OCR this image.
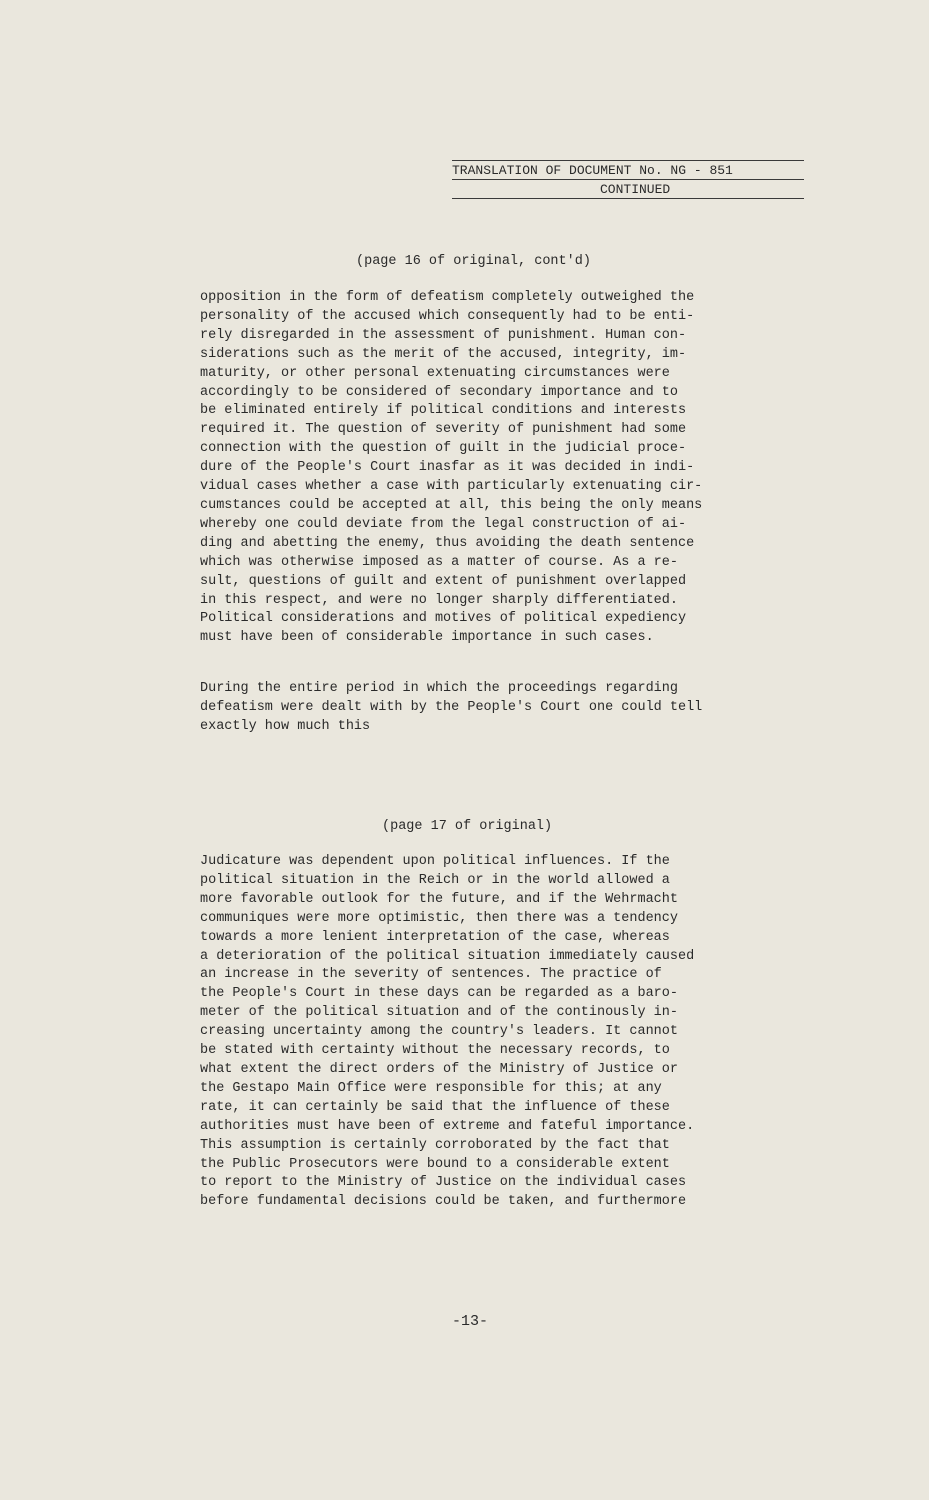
TRANSLATION OF DOCUMENT No. NG - 851
CONTINUED
(page 16 of original, cont'd)
opposition in the form of defeatism completely outweighed the
personality of the accused which consequently had to be enti-
rely disregarded in the assessment of punishment. Human con-
siderations such as the merit of the accused, integrity, im-
maturity, or other personal extenuating circumstances were
accordingly to be considered of secondary importance and to
be eliminated entirely if political conditions and interests
required it. The question of severity of punishment had some
connection with the question of guilt in the judicial proce-
dure of the People's Court inasfar as it was decided in indi-
vidual cases whether a case with particularly extenuating cir-
cumstances could be accepted at all, this being the only means
whereby one could deviate from the legal construction of ai-
ding and abetting the enemy, thus avoiding the death sentence
which was otherwise imposed as a matter of course. As a re-
sult, questions of guilt and extent of punishment overlapped
in this respect, and were no longer sharply differentiated.
Political considerations and motives of political expediency
must have been of considerable importance in such cases.
During the entire period in which the proceedings regarding
defeatism were dealt with by the People's Court one could tell
exactly how much this
(page 17 of original)
Judicature was dependent upon political influences. If the
political situation in the Reich or in the world allowed a
more favorable outlook for the future, and if the Wehrmacht
communiques were more optimistic, then there was a tendency
towards a more lenient interpretation of the case, whereas
a deterioration of the political situation immediately caused
an increase in the severity of sentences. The practice of
the People's Court in these days can be regarded as a baro-
meter of the political situation and of the continously in-
creasing uncertainty among the country's leaders. It cannot
be stated with certainty without the necessary records, to
what extent the direct orders of the Ministry of Justice or
the Gestapo Main Office were responsible for this; at any
rate, it can certainly be said that the influence of these
authorities must have been of extreme and fateful importance.
This assumption is certainly corroborated by the fact that
the Public Prosecutors were bound to a considerable extent
to report to the Ministry of Justice on the individual cases
before fundamental decisions could be taken, and furthermore
-13-
